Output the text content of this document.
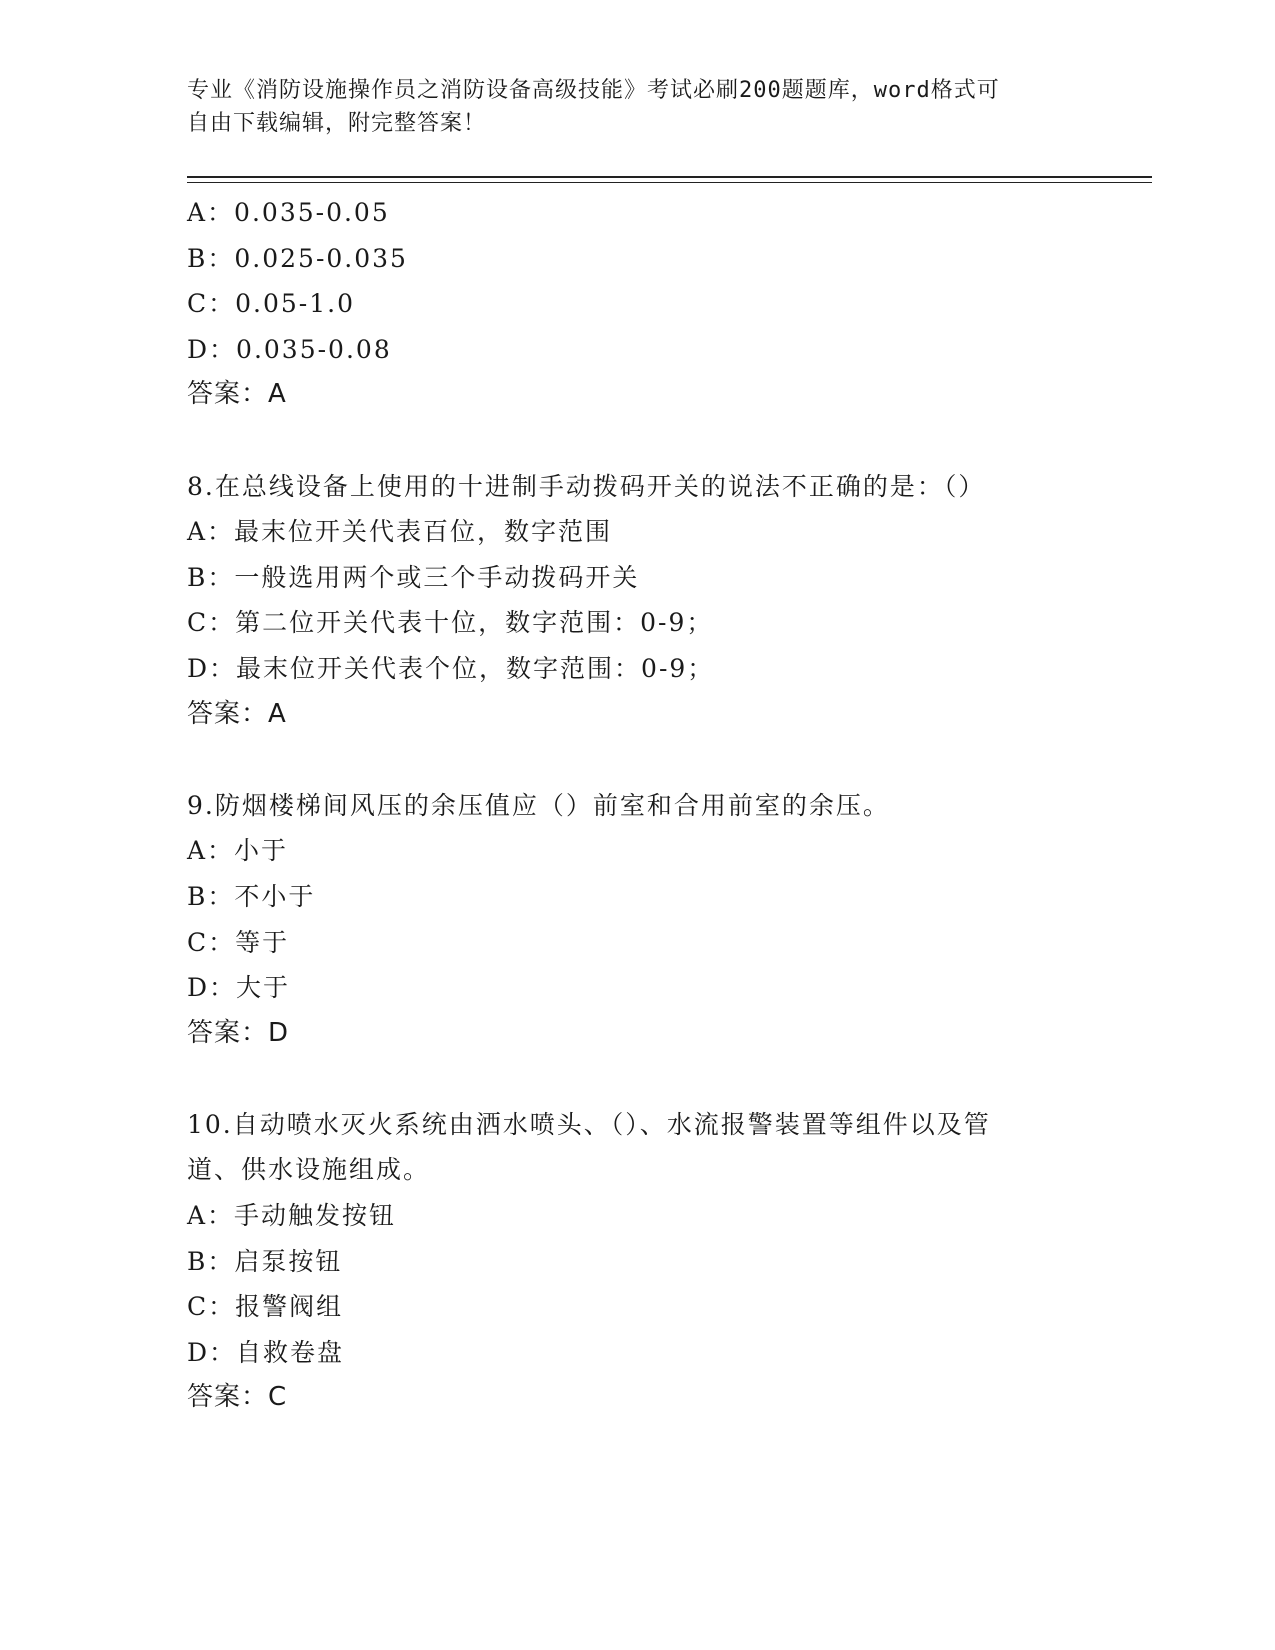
专业《消防设施操作员之消防设备高级技能》考试必刷200题题库，word格式可
自由下载编辑，附完整答案！
A：0.035-0.05
B：0.025-0.035
C：0.05-1.0
D：0.035-0.08
答案：A
8.在总线设备上使用的十进制手动拨码开关的说法不正确的是：（）
A：最末位开关代表百位，数字范围
B：一般选用两个或三个手动拨码开关
C：第二位开关代表十位，数字范围：0-9；
D：最末位开关代表个位，数字范围：0-9；
答案：A
9.防烟楼梯间风压的余压值应（）前室和合用前室的余压。
A：小于
B：不小于
C：等于
D：大于
答案：D
10.自动喷水灭火系统由洒水喷头、（）、水流报警装置等组件以及管
道、供水设施组成。
A：手动触发按钮
B：启泵按钮
C：报警阀组
D：自救卷盘
答案：C
